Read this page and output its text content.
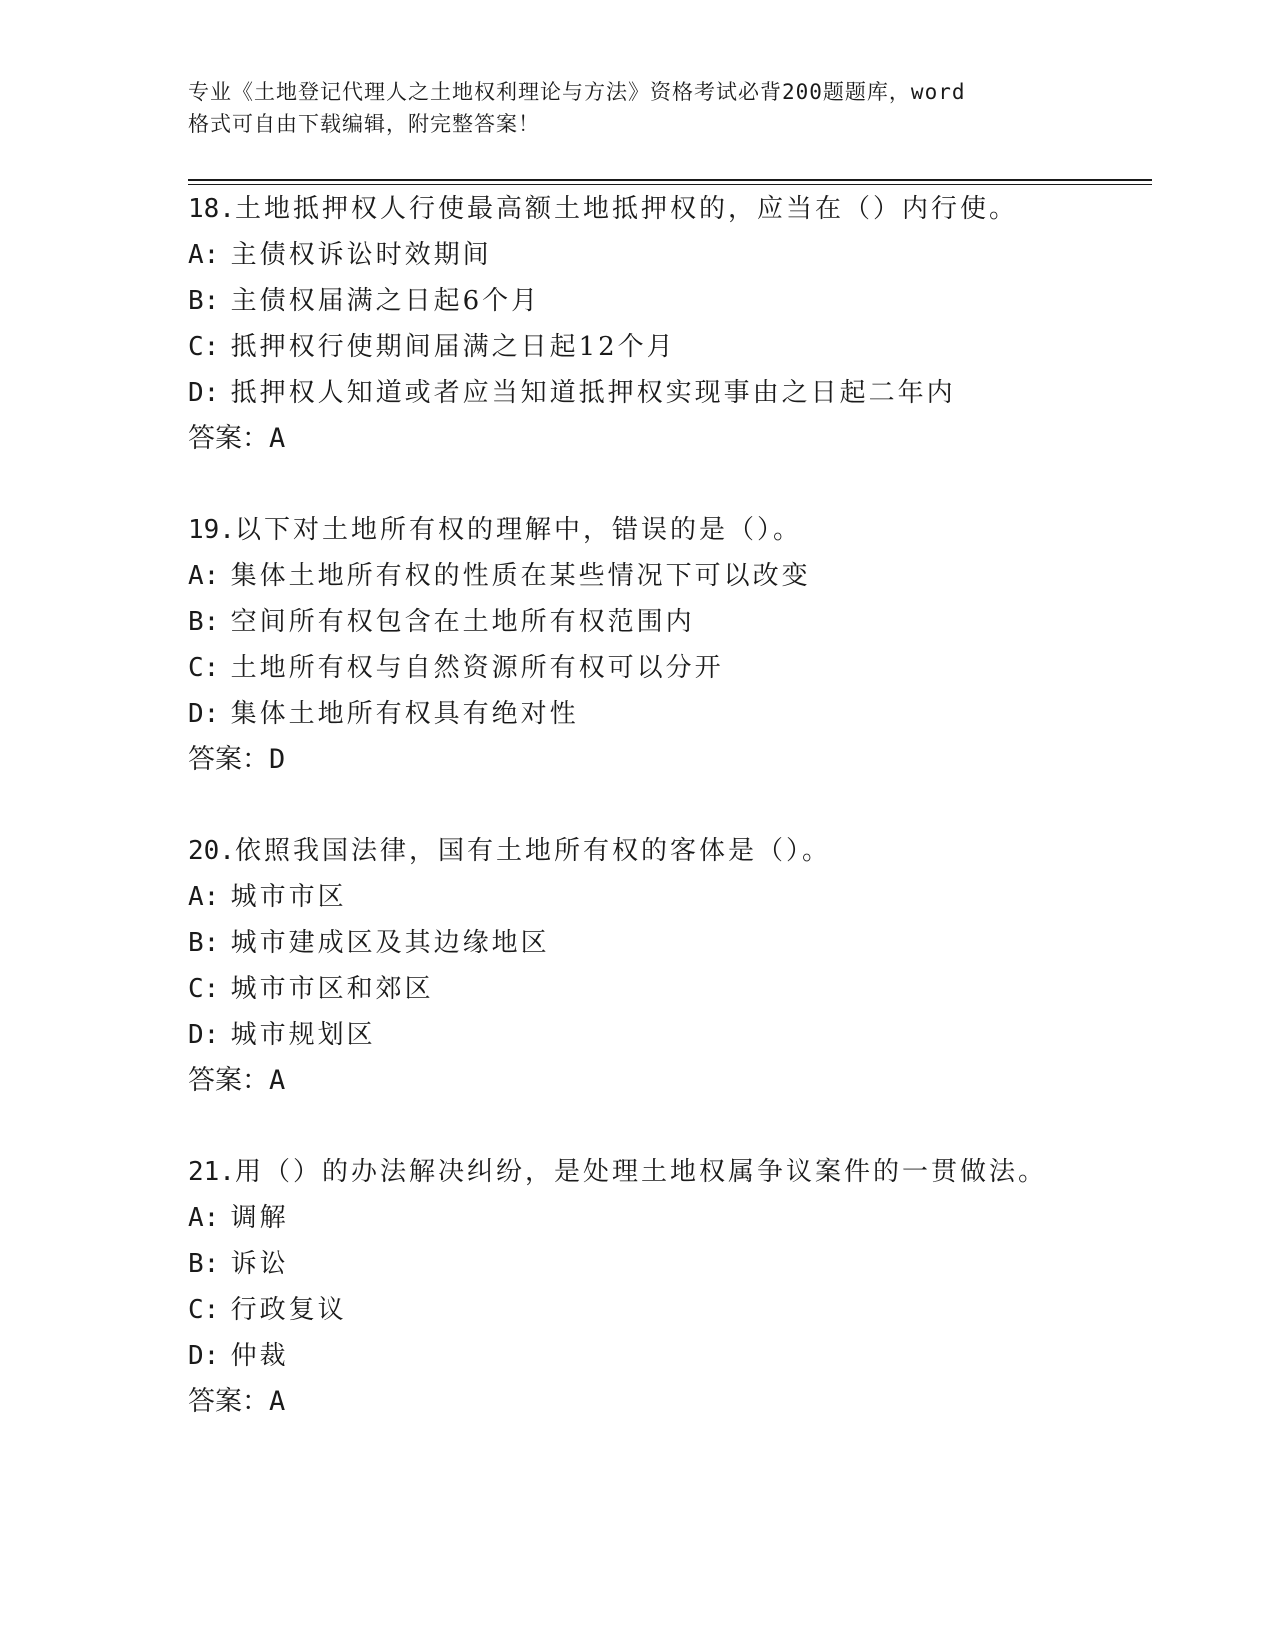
专业《土地登记代理人之土地权利理论与方法》资格考试必背200题题库，word
格式可自由下载编辑，附完整答案！
18.土地抵押权人行使最高额土地抵押权的，应当在（）内行使。
A: 主债权诉讼时效期间
B: 主债权届满之日起6个月
C: 抵押权行使期间届满之日起12个月
D: 抵押权人知道或者应当知道抵押权实现事由之日起二年内
答案：A
19.以下对土地所有权的理解中，错误的是（）。
A: 集体土地所有权的性质在某些情况下可以改变
B: 空间所有权包含在土地所有权范围内
C: 土地所有权与自然资源所有权可以分开
D: 集体土地所有权具有绝对性
答案：D
20.依照我国法律，国有土地所有权的客体是（）。
A: 城市市区
B: 城市建成区及其边缘地区
C: 城市市区和郊区
D: 城市规划区
答案：A
21.用（）的办法解决纠纷，是处理土地权属争议案件的一贯做法。
A: 调解
B: 诉讼
C: 行政复议
D: 仲裁
答案：A
